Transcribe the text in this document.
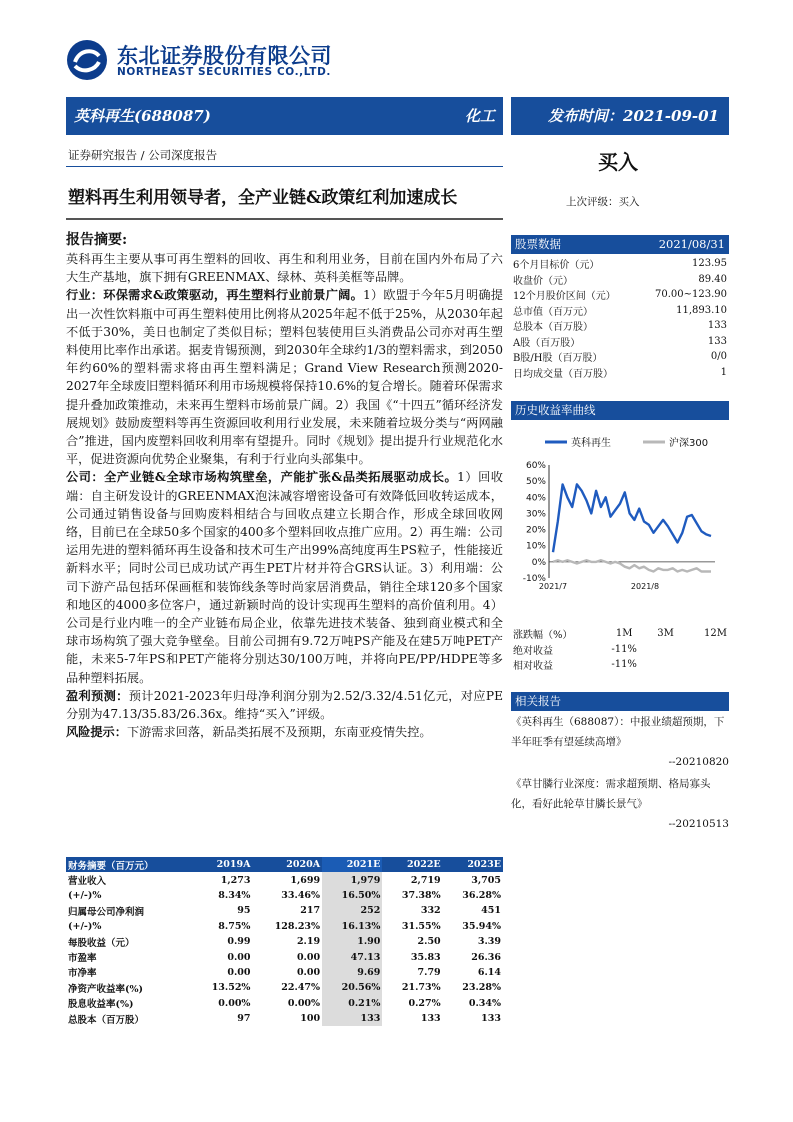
东北证券股份有限公司
NORTHEAST SECURITIES CO.,LTD.
英科再生(688087)	化工	发布时间：2021-09-01
证券研究报告 / 公司深度报告	买入
上次评级：买入
塑料再生利用领导者，全产业链&政策红利加速成长
报告摘要:

英科再生主要从事可再生塑料的回收、再生和利用业务，目前在国内外布局了六大生产基地，旗下拥有GREENMAX、绿林、英科美框等品牌。

行业：环保需求&政策驱动，再生塑料行业前景广阔。1）欧盟于今年5月明确提出一次性饮料瓶中可再生塑料使用比例将从2025年起不低于25%，从2030年起不低于30%，美日也制定了类似目标；塑料包装使用巨头消费品公司亦对再生塑料使用比率作出承诺。据麦肯锡预测，到2030年全球约1/3的塑料需求，到2050年约60%的塑料需求将由再生塑料满足；Grand View Research预测2020-2027年全球废旧塑料循环利用市场规模将保持10.6%的复合增长。随着环保需求提升叠加政策推动，未来再生塑料市场前景广阔。2）我国《“十四五”循环经济发展规划》鼓励废塑料等再生资源回收利用行业发展，未来随着垃圾分类与“两网融合”推进，国内废塑料回收利用率有望提升。同时《规划》提出提升行业规范化水平，促进资源向优势企业聚集，有利于行业向头部集中。

公司：全产业链&全球市场构筑壁垒，产能扩张&品类拓展驱动成长。1）回收端：自主研发设计的GREENMAX泡沫减容增密设备可有效降低回收转运成本，公司通过销售设备与回购废料相结合与回收点建立长期合作，形成全球回收网络，目前已在全球50多个国家的400多个塑料回收点推广应用。2）再生端：公司运用先进的塑料循环再生设备和技术可生产出99%高纯度再生PS粒子，性能接近新料水平；同时公司已成功试产再生PET片材并符合GRS认证。3）利用端：公司下游产品包括环保画框和装饰线条等时尚家居消费品，销往全球120多个国家和地区的4000多位客户，通过新颖时尚的设计实现再生塑料的高价值利用。4）公司是行业内唯一的全产业链布局企业，依靠先进技术装备、独到商业模式和全球市场构筑了强大竞争壁垒。目前公司拥有9.72万吨PS产能及在建5万吨PET产能，未来5-7年PS和PET产能将分别达30/100万吨，并将向PE/PP/HDPE等多品种塑料拓展。

盈利预测：预计2021-2023年归母净利润分别为2.52/3.32/4.51亿元，对应PE分别为47.13/35.83/26.36x。维持“买入”评级。

风险提示：下游需求回落，新品类拓展不及预期，东南亚疫情失控。

股票数据	2021/08/31
6个月目标价（元）	123.95
收盘价（元）	89.40
12个月股价区间（元）	70.00~123.90
总市值（百万元）	11,893.10
总股本（百万股）	133
A股（百万股）	133
B股/H股（百万股）	0/0
日均成交量（百万股）	1
历史收益率曲线
英科再生	沪深300
60%
50%
40%
30%
20%
10%
0%
-10%
2021/7	2021/8
涨跌幅（%）	1M	3M	12M
绝对收益	-11%		
相对收益	-11%		
相关报告
《英科再生（688087）：中报业绩超预期，下半年旺季有望延续高增》
--20210820
《草甘膦行业深度：需求超预期、格局寡头化，看好此轮草甘膦长景气》
--20210513
财务摘要（百万元）	2019A	2020A	2021E	2022E	2023E
营业收入	1,273	1,699	1,979	2,719	3,705
(+/-)%	8.34%	33.46%	16.50%	37.38%	36.28%
归属母公司净利润	95	217	252	332	451
(+/-)%	8.75%	128.23%	16.13%	31.55%	35.94%
每股收益（元）	0.99	2.19	1.90	2.50	3.39
市盈率	0.00	0.00	47.13	35.83	26.36
市净率	0.00	0.00	9.69	7.79	6.14
净资产收益率(%)	13.52%	22.47%	20.56%	21.73%	23.28%
股息收益率(%)	0.00%	0.00%	0.21%	0.27%	0.34%
总股本（百万股）	97	100	133	133	133
